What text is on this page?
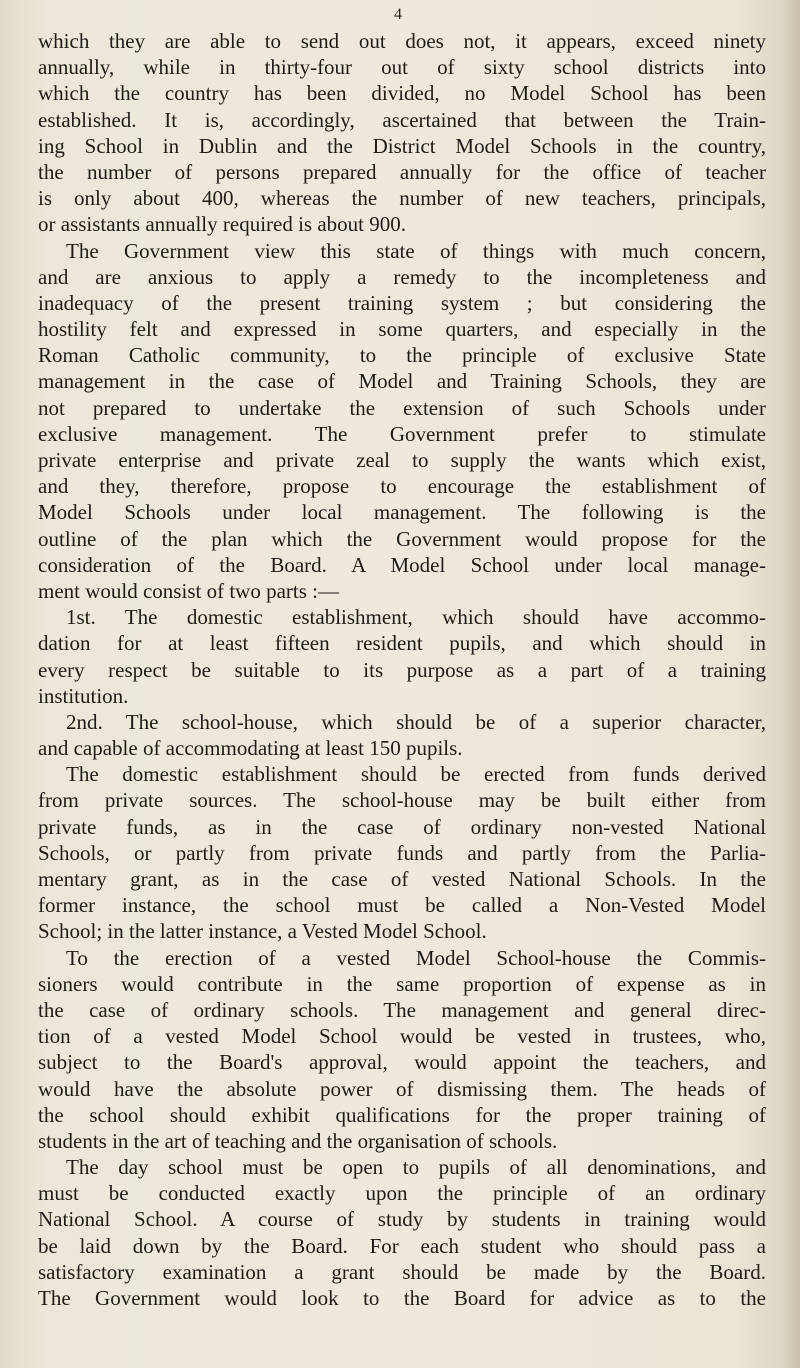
4
which they are able to send out does not, it appears, exceed ninety
annually, while in thirty-four out of sixty school districts into
which the country has been divided, no Model School has been
established. It is, accordingly, ascertained that between the Train-
ing School in Dublin and the District Model Schools in the country,
the number of persons prepared annually for the office of teacher
is only about 400, whereas the number of new teachers, principals,
or assistants annually required is about 900.
The Government view this state of things with much concern,
and are anxious to apply a remedy to the incompleteness and
inadequacy of the present training system ; but considering the
hostility felt and expressed in some quarters, and especially in the
Roman Catholic community, to the principle of exclusive State
management in the case of Model and Training Schools, they are
not prepared to undertake the extension of such Schools under
exclusive management. The Government prefer to stimulate
private enterprise and private zeal to supply the wants which exist,
and they, therefore, propose to encourage the establishment of
Model Schools under local management. The following is the
outline of the plan which the Government would propose for the
consideration of the Board. A Model School under local manage-
ment would consist of two parts :—
1st. The domestic establishment, which should have accommo-
dation for at least fifteen resident pupils, and which should in
every respect be suitable to its purpose as a part of a training
institution.
2nd. The school-house, which should be of a superior character,
and capable of accommodating at least 150 pupils.
The domestic establishment should be erected from funds derived
from private sources. The school-house may be built either from
private funds, as in the case of ordinary non-vested National
Schools, or partly from private funds and partly from the Parlia-
mentary grant, as in the case of vested National Schools. In the
former instance, the school must be called a Non-Vested Model
School; in the latter instance, a Vested Model School.
To the erection of a vested Model School-house the Commis-
sioners would contribute in the same proportion of expense as in
the case of ordinary schools. The management and general direc-
tion of a vested Model School would be vested in trustees, who,
subject to the Board's approval, would appoint the teachers, and
would have the absolute power of dismissing them. The heads of
the school should exhibit qualifications for the proper training of
students in the art of teaching and the organisation of schools.
The day school must be open to pupils of all denominations, and
must be conducted exactly upon the principle of an ordinary
National School. A course of study by students in training would
be laid down by the Board. For each student who should pass a
satisfactory examination a grant should be made by the Board.
The Government would look to the Board for advice as to the
